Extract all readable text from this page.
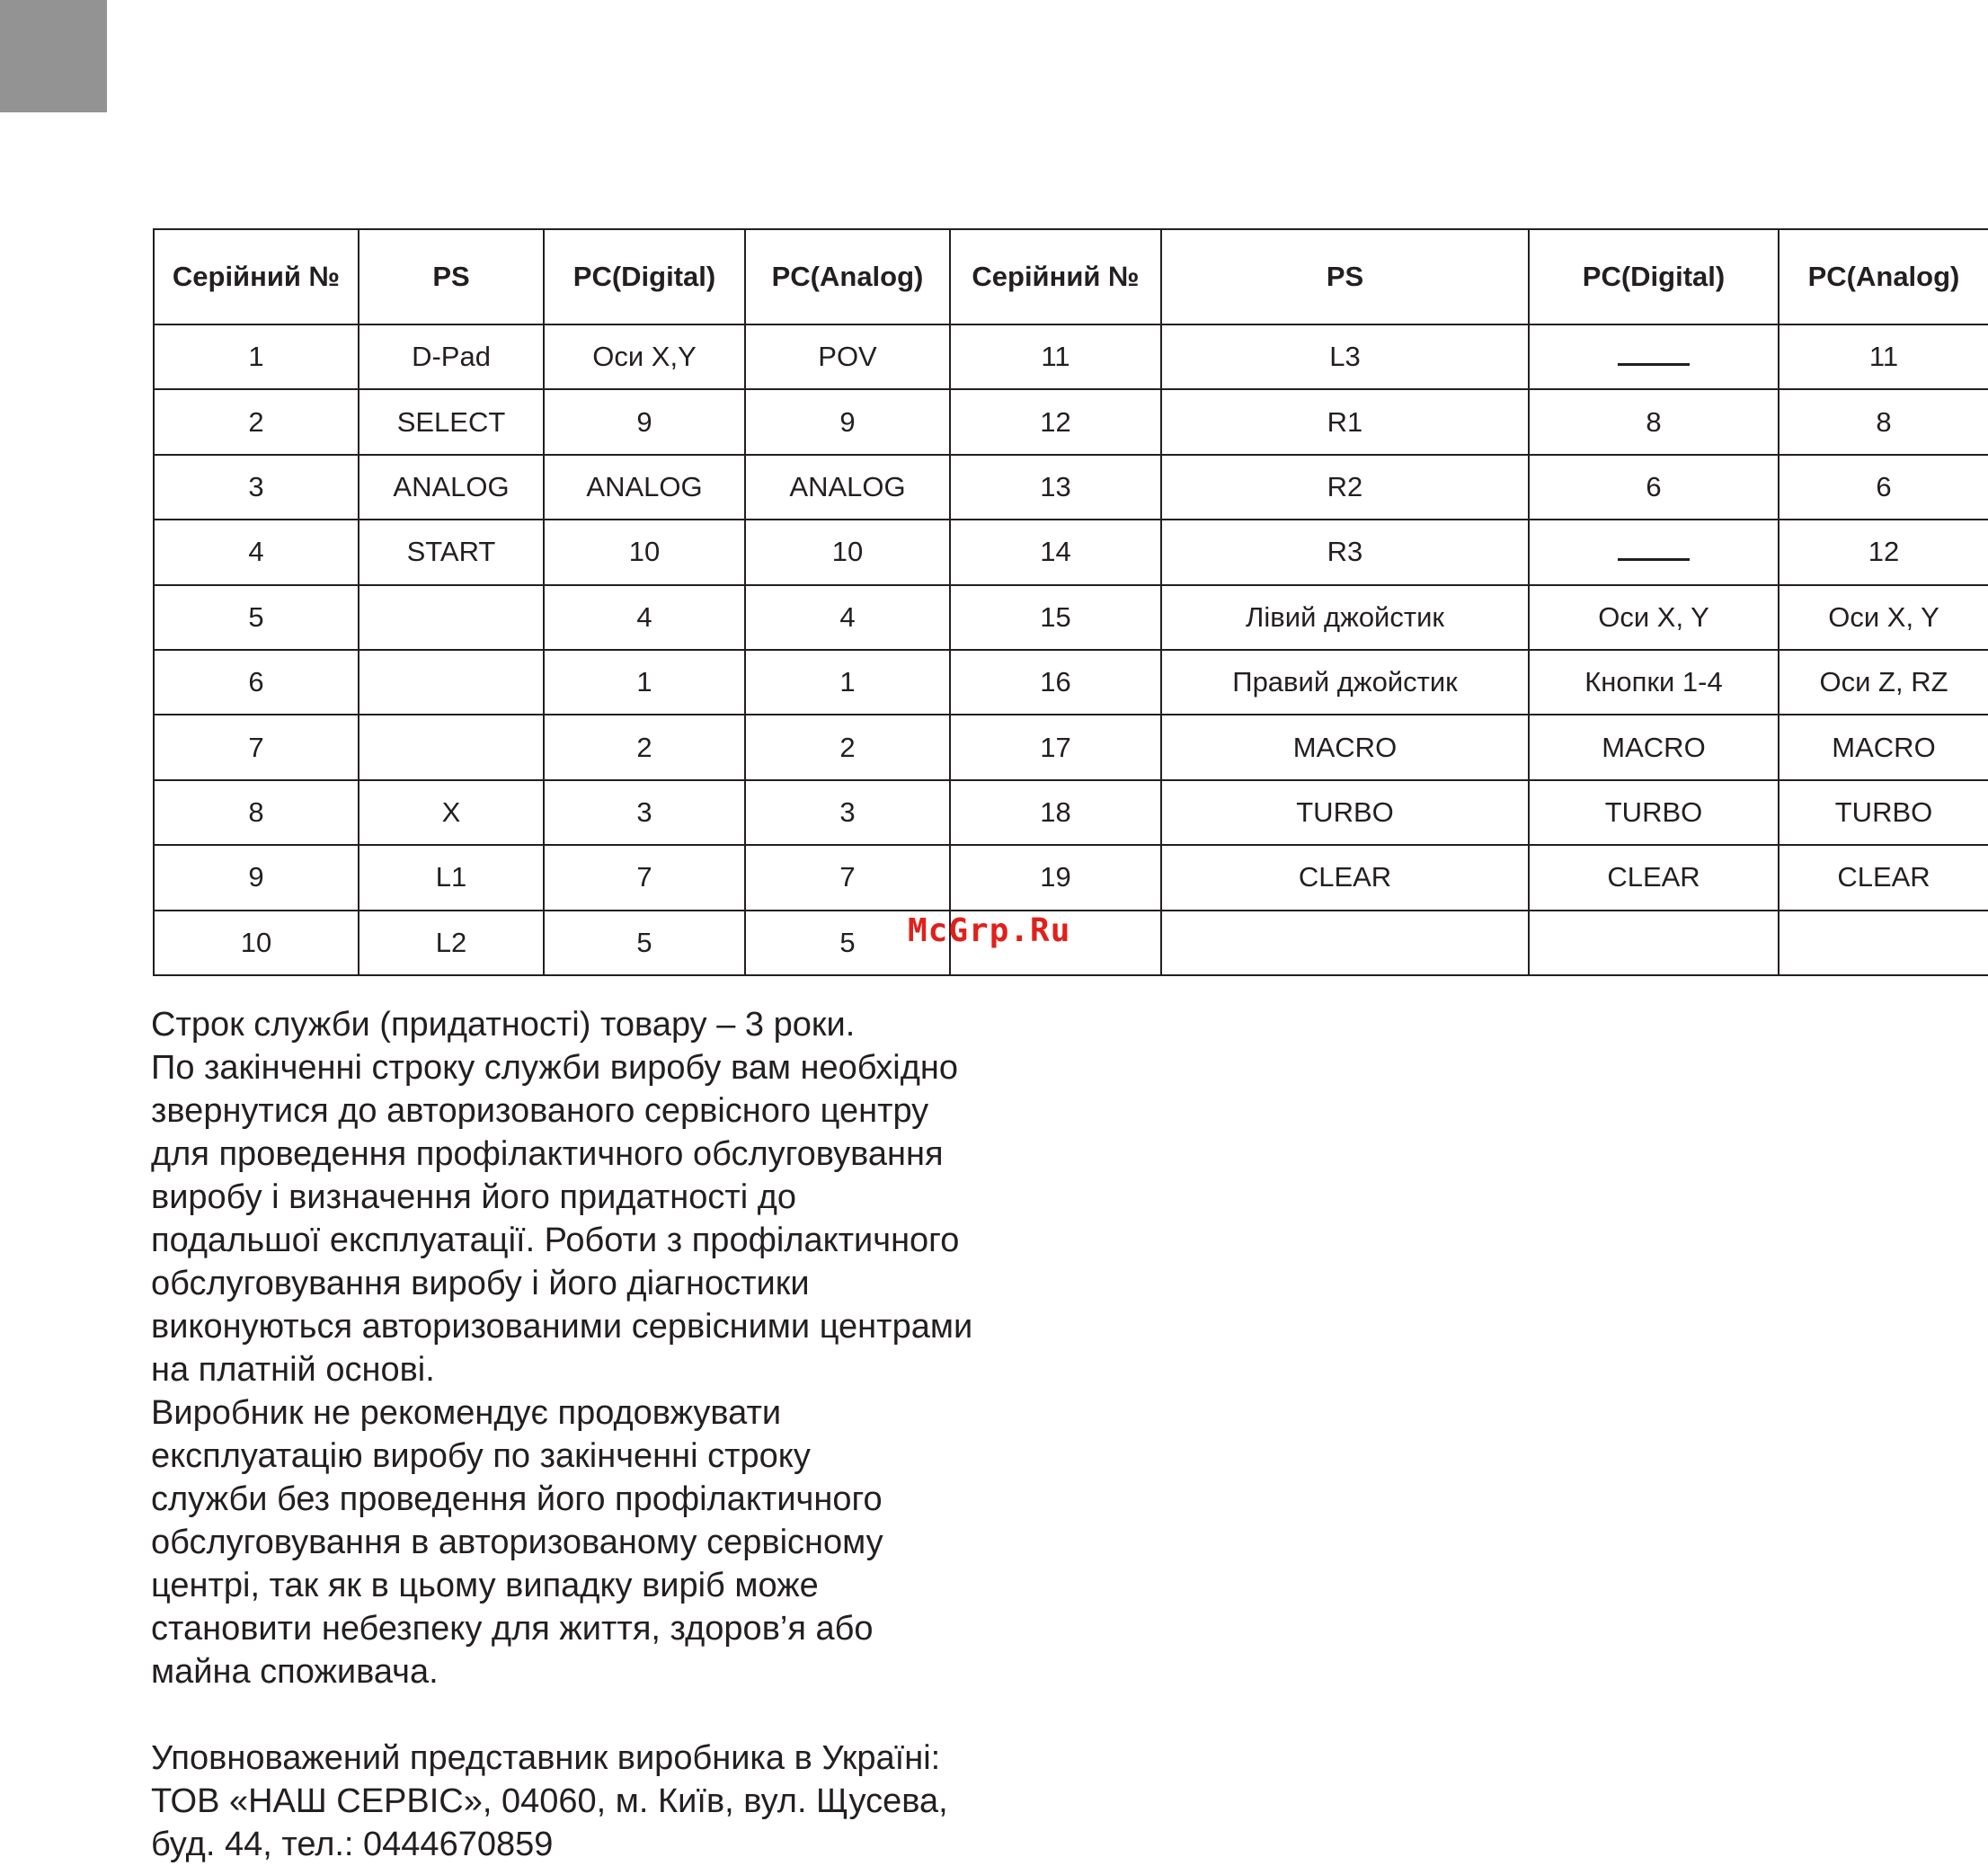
Серійний №	PS	PC(Digital)	PC(Analog)	Серійний №	PS	PC(Digital)	PC(Analog)
1	D-Pad	Оси X,Y	POV	11	L3		11
2	SELECT	9	9	12	R1	8	8
3	ANALOG	ANALOG	ANALOG	13	R2	6	6
4	START	10	10	14	R3		12
5		4	4	15	Лівий джойстик	Оси X, Y	Оси X, Y
6		1	1	16	Правий джойстик	Кнопки 1-4	Оси Z, RZ
7		2	2	17	MACRO	MACRO	MACRO
8	X	3	3	18	TURBO	TURBO	TURBO
9	L1	7	7	19	CLEAR	CLEAR	CLEAR
10	L2	5	5				
Строк служби (придатності) товару – 3 роки.
По закінченні строку служби виробу вам необхідно
звернутися до авторизованого сервісного центру
для проведення профілактичного обслуговування
виробу і визначення його придатності до
подальшої експлуатації. Роботи з профілактичного
обслуговування виробу і його діагностики
виконуються авторизованими сервісними центрами
на платній основі.
Виробник не рекомендує продовжувати
експлуатацію виробу по закінченні строку
служби без проведення його профілактичного
обслуговування в авторизованому сервісному
центрі, так як в цьому випадку виріб може
становити небезпеку для життя, здоров’я або
майна споживача.
Уповноважений представник виробника в Україні:
ТОВ «НАШ СЕРВІС», 04060, м. Київ, вул. Щусева,
буд. 44, тел.: 0444670859
McGrp.Ru
